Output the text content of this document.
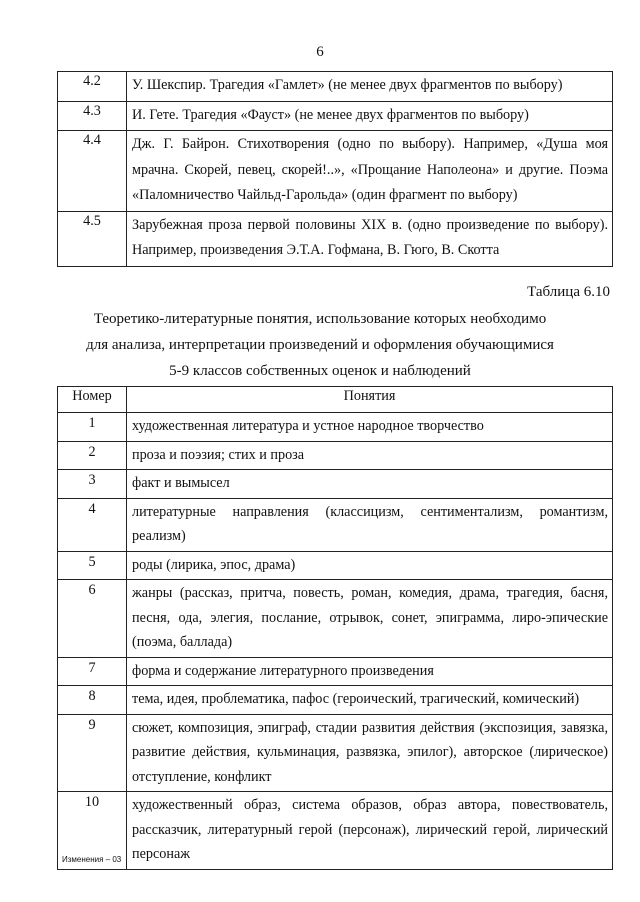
6
4.2	У. Шекспир. Трагедия «Гамлет» (не менее двух фрагментов по выбору)
4.3	И. Гете. Трагедия «Фауст» (не менее двух фрагментов по выбору)
4.4	Дж. Г. Байрон. Стихотворения (одно по выбору). Например, «Душа моя мрачна. Скорей, певец, скорей!..», «Прощание Наполеона» и другие. Поэма «Паломничество Чайльд-Гарольда» (один фрагмент по выбору)
4.5	Зарубежная проза первой половины XIX в. (одно произведение по выбору). Например, произведения Э.Т.А. Гофмана, В. Гюго, В. Скотта
Таблица 6.10
Теоретико-литературные понятия, использование которых необходимо
для анализа, интерпретации произведений и оформления обучающимися
5-9 классов собственных оценок и наблюдений
Номер	Понятия
1	художественная литература и устное народное творчество
2	проза и поэзия; стих и проза
3	факт и вымысел
4	литературные направления (классицизм, сентиментализм, романтизм, реализм)
5	роды (лирика, эпос, драма)
6	жанры (рассказ, притча, повесть, роман, комедия, драма, трагедия, басня, песня, ода, элегия, послание, отрывок, сонет, эпиграмма, лиро-эпические (поэма, баллада)
7	форма и содержание литературного произведения
8	тема, идея, проблематика, пафос (героический, трагический, комический)
9	сюжет, композиция, эпиграф, стадии развития действия (экспозиция, завязка, развитие действия, кульминация, развязка, эпилог), авторское (лирическое) отступление, конфликт
10	художественный образ, система образов, образ автора, повествователь, рассказчик, литературный герой (персонаж), лирический герой, лирический персонаж
Изменения – 03
